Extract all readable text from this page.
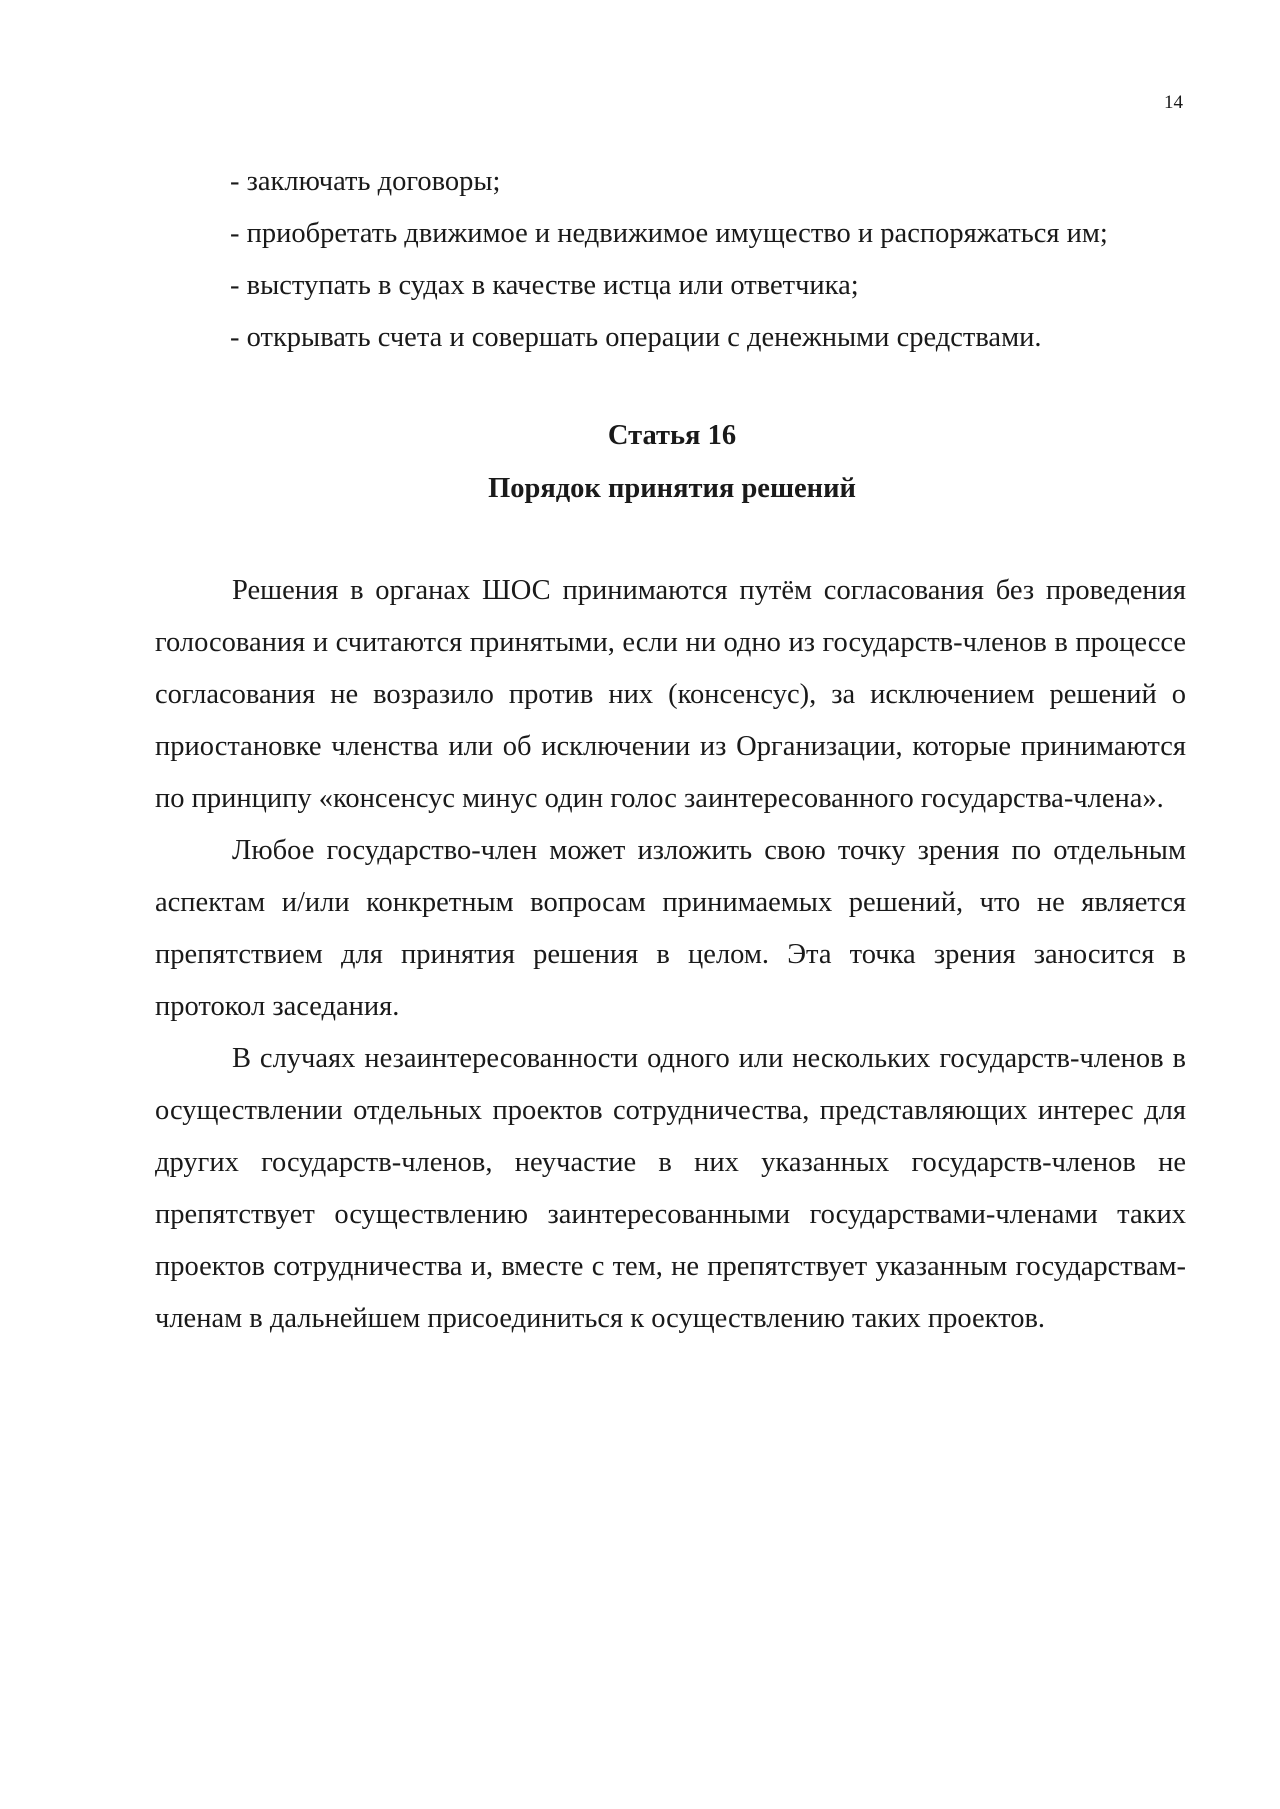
14
- заключать договоры;
- приобретать движимое и недвижимое имущество и распоряжаться им;
- выступать в судах в качестве истца или ответчика;
- открывать счета и совершать операции с денежными средствами.
Статья 16
Порядок принятия решений

Решения в органах ШОС принимаются путём согласования без проведения голосования и считаются принятыми, если ни одно из государств-членов в процессе согласования не возразило против них (консенсус), за исключением решений о приостановке членства или об исключении из Организации, которые принимаются по принципу «консенсус минус один голос заинтересованного государства-члена».

Любое государство-член может изложить свою точку зрения по отдельным аспектам и/или конкретным вопросам принимаемых решений, что не является препятствием для принятия решения в целом. Эта точка зрения заносится в протокол заседания.

В случаях незаинтересованности одного или нескольких государств-членов в осуществлении отдельных проектов сотрудничества, представляющих интерес для других государств-членов, неучастие в них указанных государств-членов не препятствует осуществлению заинтересованными государствами-членами таких проектов сотрудничества и, вместе с тем, не препятствует указанным государствам-членам в дальнейшем присоединиться к осуществлению таких проектов.
